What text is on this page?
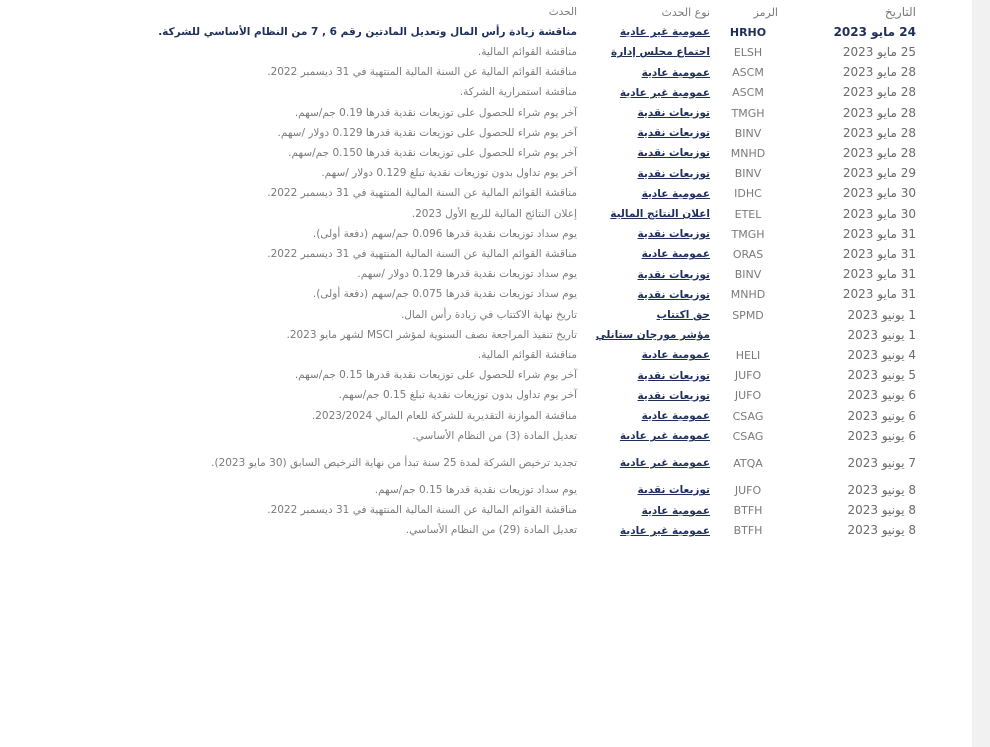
التاريخ	الرمز	نوع الحدث	الحدث
24 مايو 2023	HRHO	عمومية غير عادية	مناقشة زيادة رأس المال وتعديل المادتين رقم 6 , 7 من النظام الأساسي للشركة.
25 مايو 2023	ELSH	اجتماع مجلس إدارة	مناقشة القوائم المالية.
28 مايو 2023	ASCM	عمومية عادية	مناقشة القوائم المالية عن السنة المالية المنتهية في 31 ديسمبر 2022.
28 مايو 2023	ASCM	عمومية غير عادية	مناقشة استمرارية الشركة.
28 مايو 2023	TMGH	توزيعات نقدية	آخر يوم شراء للحصول على توزيعات نقدية قدرها 0.19 جم/سهم.
28 مايو 2023	BINV	توزيعات نقدية	آخر يوم شراء للحصول على توزيعات نقدية قدرها 0.129 دولار /سهم.
28 مايو 2023	MNHD	توزيعات نقدية	آخر يوم شراء للحصول على توزيعات نقدية قدرها 0.150 جم/سهم.
29 مايو 2023	BINV	توزيعات نقدية	آخر يوم تداول بدون توزيعات نقدية تبلغ 0.129 دولار /سهم.
30 مايو 2023	IDHC	عمومية عادية	مناقشة القوائم المالية عن السنة المالية المنتهية في 31 ديسمبر 2022.
30 مايو 2023	ETEL	اعلان النتائج المالية	إعلان النتائج المالية للربع الأول 2023.
31 مايو 2023	TMGH	توزيعات نقدية	يوم سداد توزيعات نقدية قدرها 0.096 جم/سهم (دفعة أولى).
31 مايو 2023	ORAS	عمومية عادية	مناقشة القوائم المالية عن السنة المالية المنتهية في 31 ديسمبر 2022.
31 مايو 2023	BINV	توزيعات نقدية	يوم سداد توزيعات نقدية قدرها 0.129 دولار /سهم.
31 مايو 2023	MNHD	توزيعات نقدية	يوم سداد توزيعات نقدية قدرها 0.075 جم/سهم (دفعة أولى).
1 يونيو 2023	SPMD	حق اكتتاب	تاريخ نهاية الاكتتاب في زيادة رأس المال.
1 يونيو 2023		مؤشر مورجان ستانلي	تاريخ تنفيذ المراجعة نصف السنوية لمؤشر MSCI لشهر مايو 2023.
4 يونيو 2023	HELI	عمومية عادية	مناقشة القوائم المالية.
5 يونيو 2023	JUFO	توزيعات نقدية	آخر يوم شراء للحصول على توزيعات نقدية قدرها 0.15 جم/سهم.
6 يونيو 2023	JUFO	توزيعات نقدية	آخر يوم تداول بدون توزيعات نقدية تبلغ 0.15 جم/سهم.
6 يونيو 2023	CSAG	عمومية عادية	مناقشة الموازنة التقديرية للشركة للعام المالي 2023/2024.
6 يونيو 2023	CSAG	عمومية غير عادية	تعديل المادة (3) من النظام الأساسي.
7 يونيو 2023	ATQA	عمومية غير عادية	تجديد ترخيص الشركة لمدة 25 سنة تبدأ من نهاية الترخيص السابق (30 مايو 2023).
8 يونيو 2023	JUFO	توزيعات نقدية	يوم سداد توزيعات نقدية قدرها 0.15 جم/سهم.
8 يونيو 2023	BTFH	عمومية عادية	مناقشة القوائم المالية عن السنة المالية المنتهية في 31 ديسمبر 2022.
8 يونيو 2023	BTFH	عمومية غير عادية	تعديل المادة (29) من النظام الأساسي.
